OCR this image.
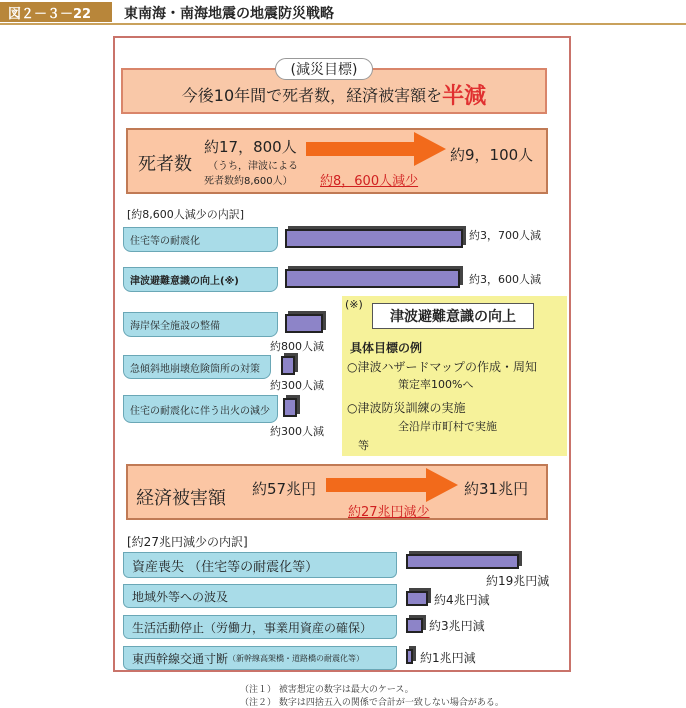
図２－３－22	東南海・南海地震の地震防災戦略
今後10年間で死者数，経済被害額を 半減
(減災目標)
死者数
約17，800人
（うち，津波による
死者数約8,600人）
約9，100人
約8，600人減少
[約8,600人減少の内訳]
住宅等の耐震化	約3，700人減
津波避難意識の向上(※)	約3，600人減
海岸保全施設の整備
約800人減
急傾斜地崩壊危険箇所の対策
約300人減
住宅の耐震化に伴う出火の減少
約300人減
(※)
津波避難意識の向上
具体目標の例
○津波ハザードマップの作成・周知
策定率100%へ
○津波防災訓練の実施
全沿岸市町村で実施
等
経済被害額 約57兆円	約31兆円
約27兆円減少
[約27兆円減少の内訳]
資産喪失 （住宅等の耐震化等）
約19兆円減
地域外等への波及	約4兆円減
生活活動停止（労働力，事業用資産の確保）	約3兆円減
東西幹線交通寸断 （新幹線高架橋・道路橋の耐震化等）	約1兆円減
（注１） 被害想定の数字は最大のケース。
（注２） 数字は四捨五入の関係で合計が一致しない場合がある。
